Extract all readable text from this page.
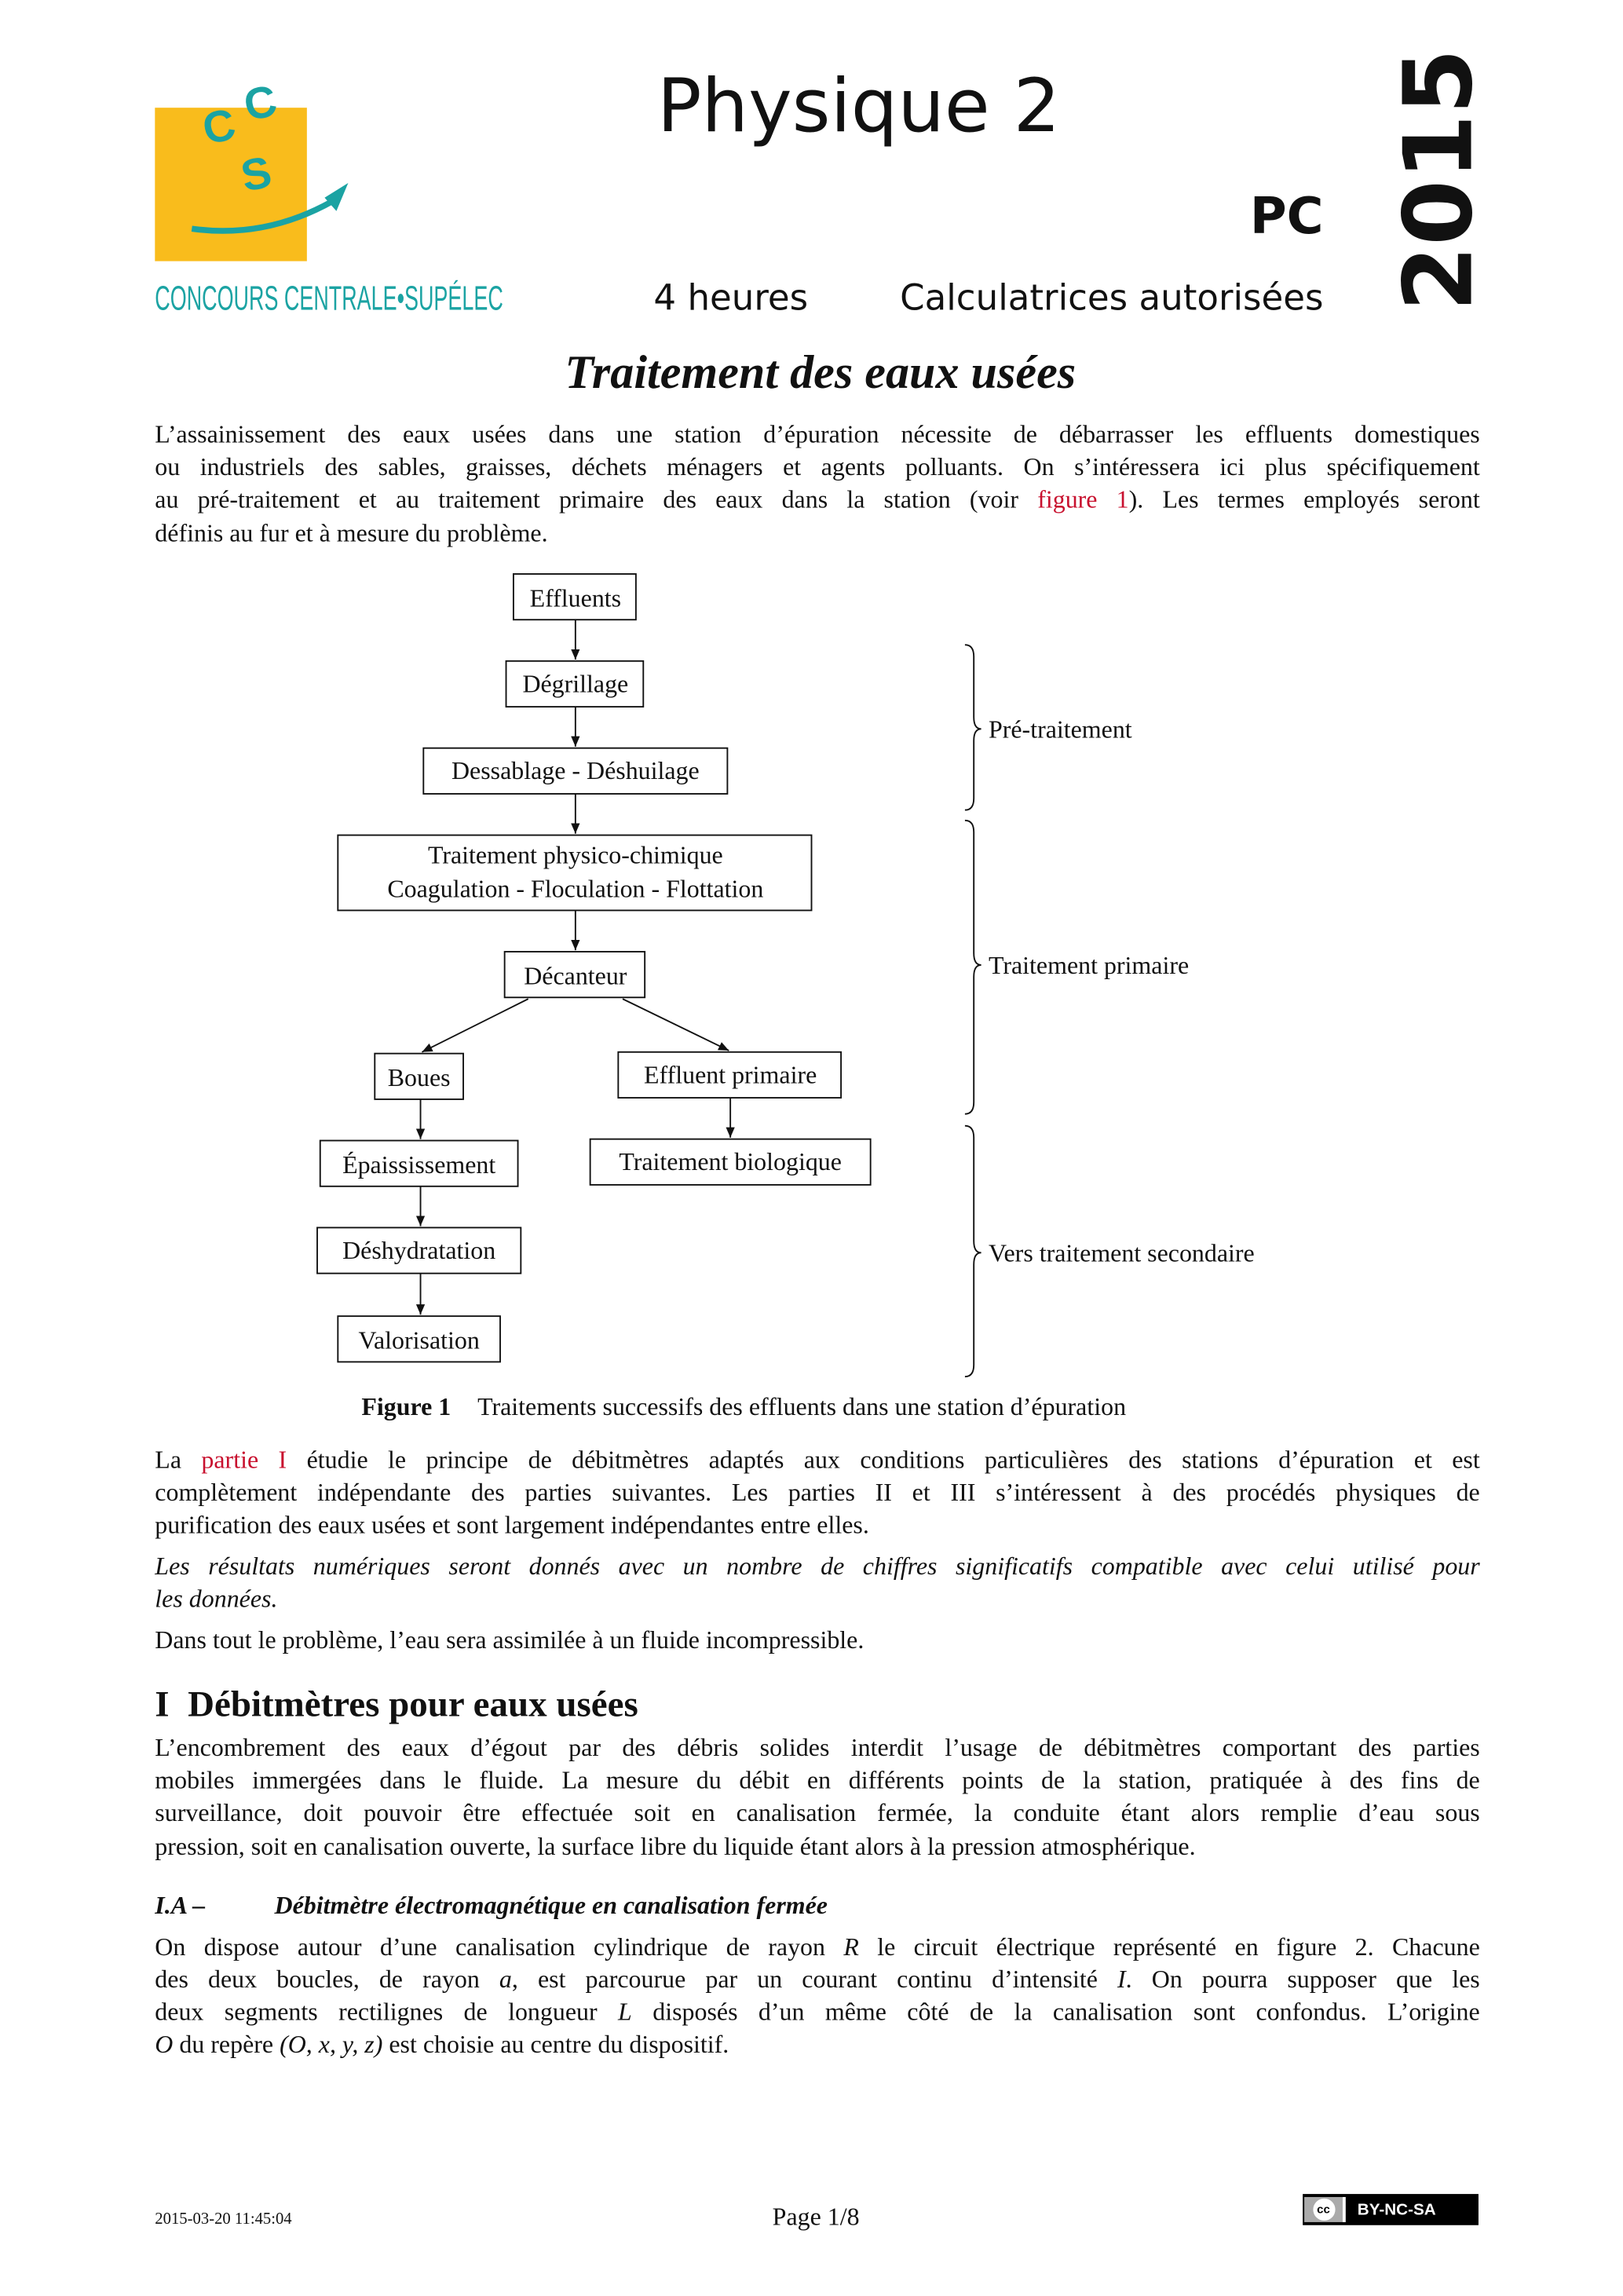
C C
S
CONCOURS CENTRALE•SUPÉLEC
Physique 2
PC
4 heures	Calculatrices autorisées 2015
Traitement des eaux usées
L’assainissement des eaux usées dans une station d’épuration nécessite de débarrasser les effluents domestiques
ou industriels des sables, graisses, déchets ménagers et agents polluants. On s’intéressera ici plus spécifiquement
au pré-traitement et au traitement primaire des eaux dans la station (voir figure 1). Les termes employés seront
définis au fur et à mesure du problème.
Effluents
Dégrillage
Dessablage - Déshuilage
Traitement physico-chimique
Coagulation - Floculation - Flottation
Décanteur
Boues	Effluent primaire
Épaississement	Traitement biologique
Déshydratation
Valorisation
Pré-traitement
Traitement primaire
Vers traitement secondaire
Figure 1 Traitements successifs des effluents dans une station d’épuration
La partie I étudie le principe de débitmètres adaptés aux conditions particulières des stations d’épuration et est
complètement indépendante des parties suivantes. Les parties II et III s’intéressent à des procédés physiques de
purification des eaux usées et sont largement indépendantes entre elles.
Les résultats numériques seront donnés avec un nombre de chiffres significatifs compatible avec celui utilisé pour
les données.
Dans tout le problème, l’eau sera assimilée à un fluide incompressible.
I  Débitmètres pour eaux usées
L’encombrement des eaux d’égout par des débris solides interdit l’usage de débitmètres comportant des parties
mobiles immergées dans le fluide. La mesure du débit en différents points de la station, pratiquée à des fins de
surveillance, doit pouvoir être effectuée soit en canalisation fermée, la conduite étant alors remplie d’eau sous
pression, soit en canalisation ouverte, la surface libre du liquide étant alors à la pression atmosphérique.
I.A –	Débitmètre électromagnétique en canalisation fermée
On dispose autour d’une canalisation cylindrique de rayon R le circuit électrique représenté en figure 2. Chacune
des deux boucles, de rayon a, est parcourue par un courant continu d’intensité I. On pourra supposer que les
deux segments rectilignes de longueur L disposés d’un même côté de la canalisation sont confondus. L’origine
O du repère (O, x, y, z) est choisie au centre du dispositif.
2015-03-20 11:45:04	Page 1/8	cc	BY-NC-SA
